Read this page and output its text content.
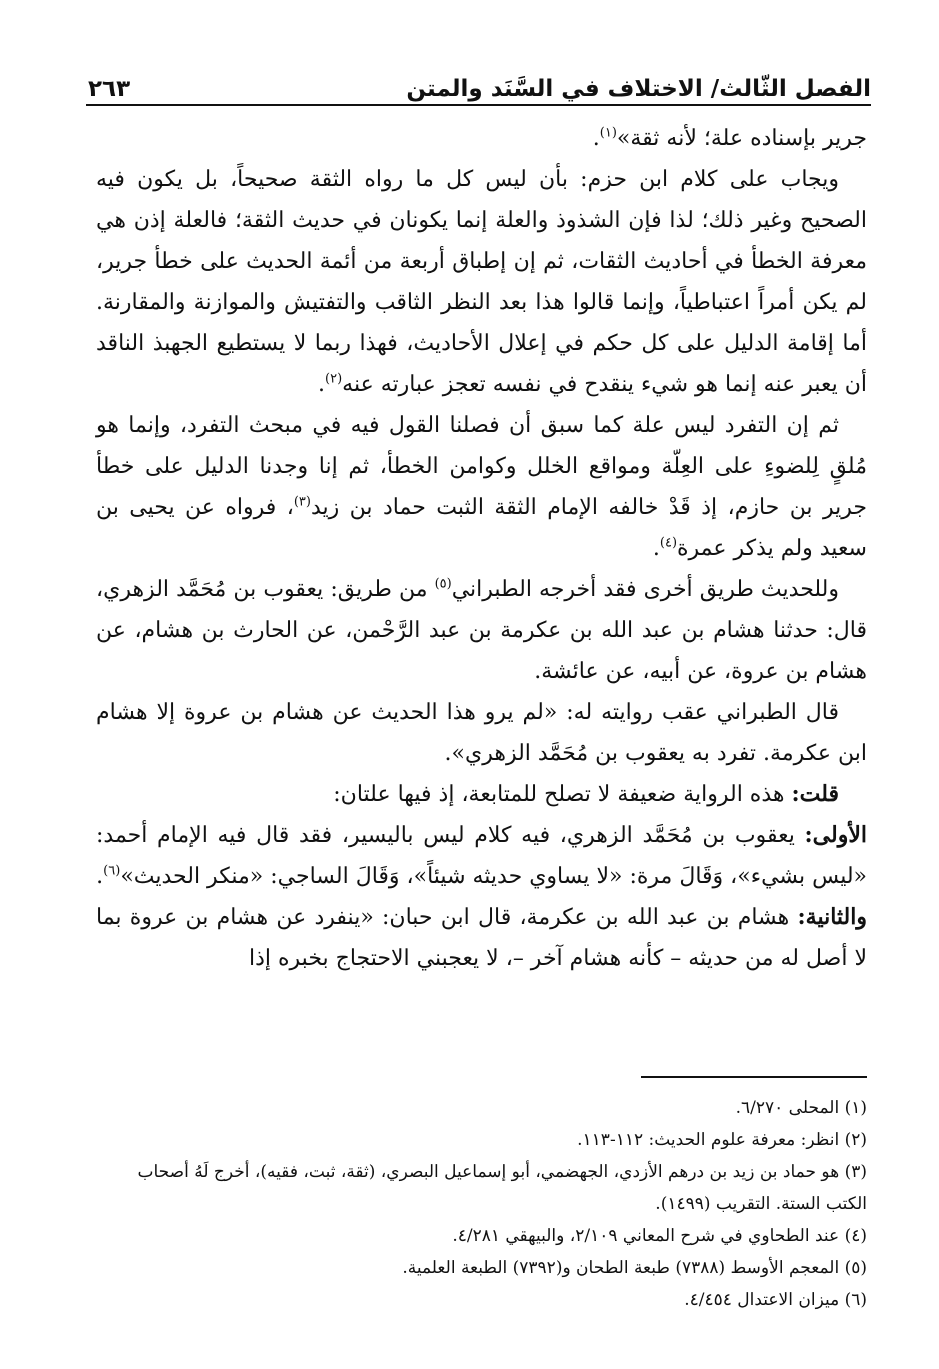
الفصل الثّالث/ الاختلاف في السَّنَد والمتن
٢٦٣

جرير بإسناده علة؛ لأنه ثقة»$^{(١)}$.

ويجاب على كلام ابن حزم: بأن ليس كل ما رواه الثقة صحيحاً، بل يكون فيه الصحيح وغير ذلك؛ لذا فإن الشذوذ والعلة إنما يكونان في حديث الثقة؛ فالعلة إذن هي معرفة الخطأ في أحاديث الثقات، ثم إن إطباق أربعة من أئمة الحديث على خطأ جرير، لم يكن أمراً اعتباطياً، وإنما قالوا هذا بعد النظر الثاقب والتفتيش والموازنة والمقارنة. أما إقامة الدليل على كل حكم في إعلال الأحاديث، فهذا ربما لا يستطيع الجهبذ الناقد أن يعبر عنه إنما هو شيء ينقدح في نفسه تعجز عبارته عنه$^{(٢)}$.

ثم إن التفرد ليس علة كما سبق أن فصلنا القول فيه في مبحث التفرد، وإنما هو مُلقٍ لِلضوءِ على العِلّة ومواقع الخلل وكوامن الخطأ، ثم إنا وجدنا الدليل على خطأ جرير بن حازم، إذ قَدْ خالفه الإمام الثقة الثبت حماد بن زيد$^{(٣)}$، فرواه عن يحيى بن سعيد ولم يذكر عمرة$^{(٤)}$.

وللحديث طريق أخرى فقد أخرجه الطبراني$^{(٥)}$ من طريق: يعقوب بن مُحَمَّد الزهري، قال: حدثنا هشام بن عبد الله بن عكرمة بن عبد الرَّحْمن، عن الحارث بن هشام، عن هشام بن عروة، عن أبيه، عن عائشة.

قال الطبراني عقب روايته له: «لم يرو هذا الحديث عن هشام بن عروة إلا هشام ابن عكرمة. تفرد به يعقوب بن مُحَمَّد الزهري».

قلت: هذه الرواية ضعيفة لا تصلح للمتابعة، إذ فيها علتان:

الأولى: يعقوب بن مُحَمَّد الزهري، فيه كلام ليس باليسير، فقد قال فيه الإمام أحمد: «ليس بشيء»، وَقَالَ مرة: «لا يساوي حديثه شيئاً»، وَقَالَ الساجي: «منكر الحديث»$^{(٦)}$.

والثانية: هشام بن عبد الله بن عكرمة، قال ابن حبان: «ينفرد عن هشام بن عروة بما لا أصل له من حديثه – كأنه هشام آخر –، لا يعجبني الاحتجاج بخبره إذا

(١) المحلى ٦/٢٧٠.

(٢) انظر: معرفة علوم الحديث: ١١٢-١١٣.

(٣) هو حماد بن زيد بن درهم الأزدي، الجهضمي، أبو إسماعيل البصري، (ثقة، ثبت، فقيه)، أخرج لَهُ أصحاب الكتب الستة. التقريب (١٤٩٩).

(٤) عند الطحاوي في شرح المعاني ٢/١٠٩، والبيهقي ٤/٢٨١.

(٥) المعجم الأوسط (٧٣٨٨) طبعة الطحان و(٧٣٩٢) الطبعة العلمية.

(٦) ميزان الاعتدال ٤/٤٥٤.
